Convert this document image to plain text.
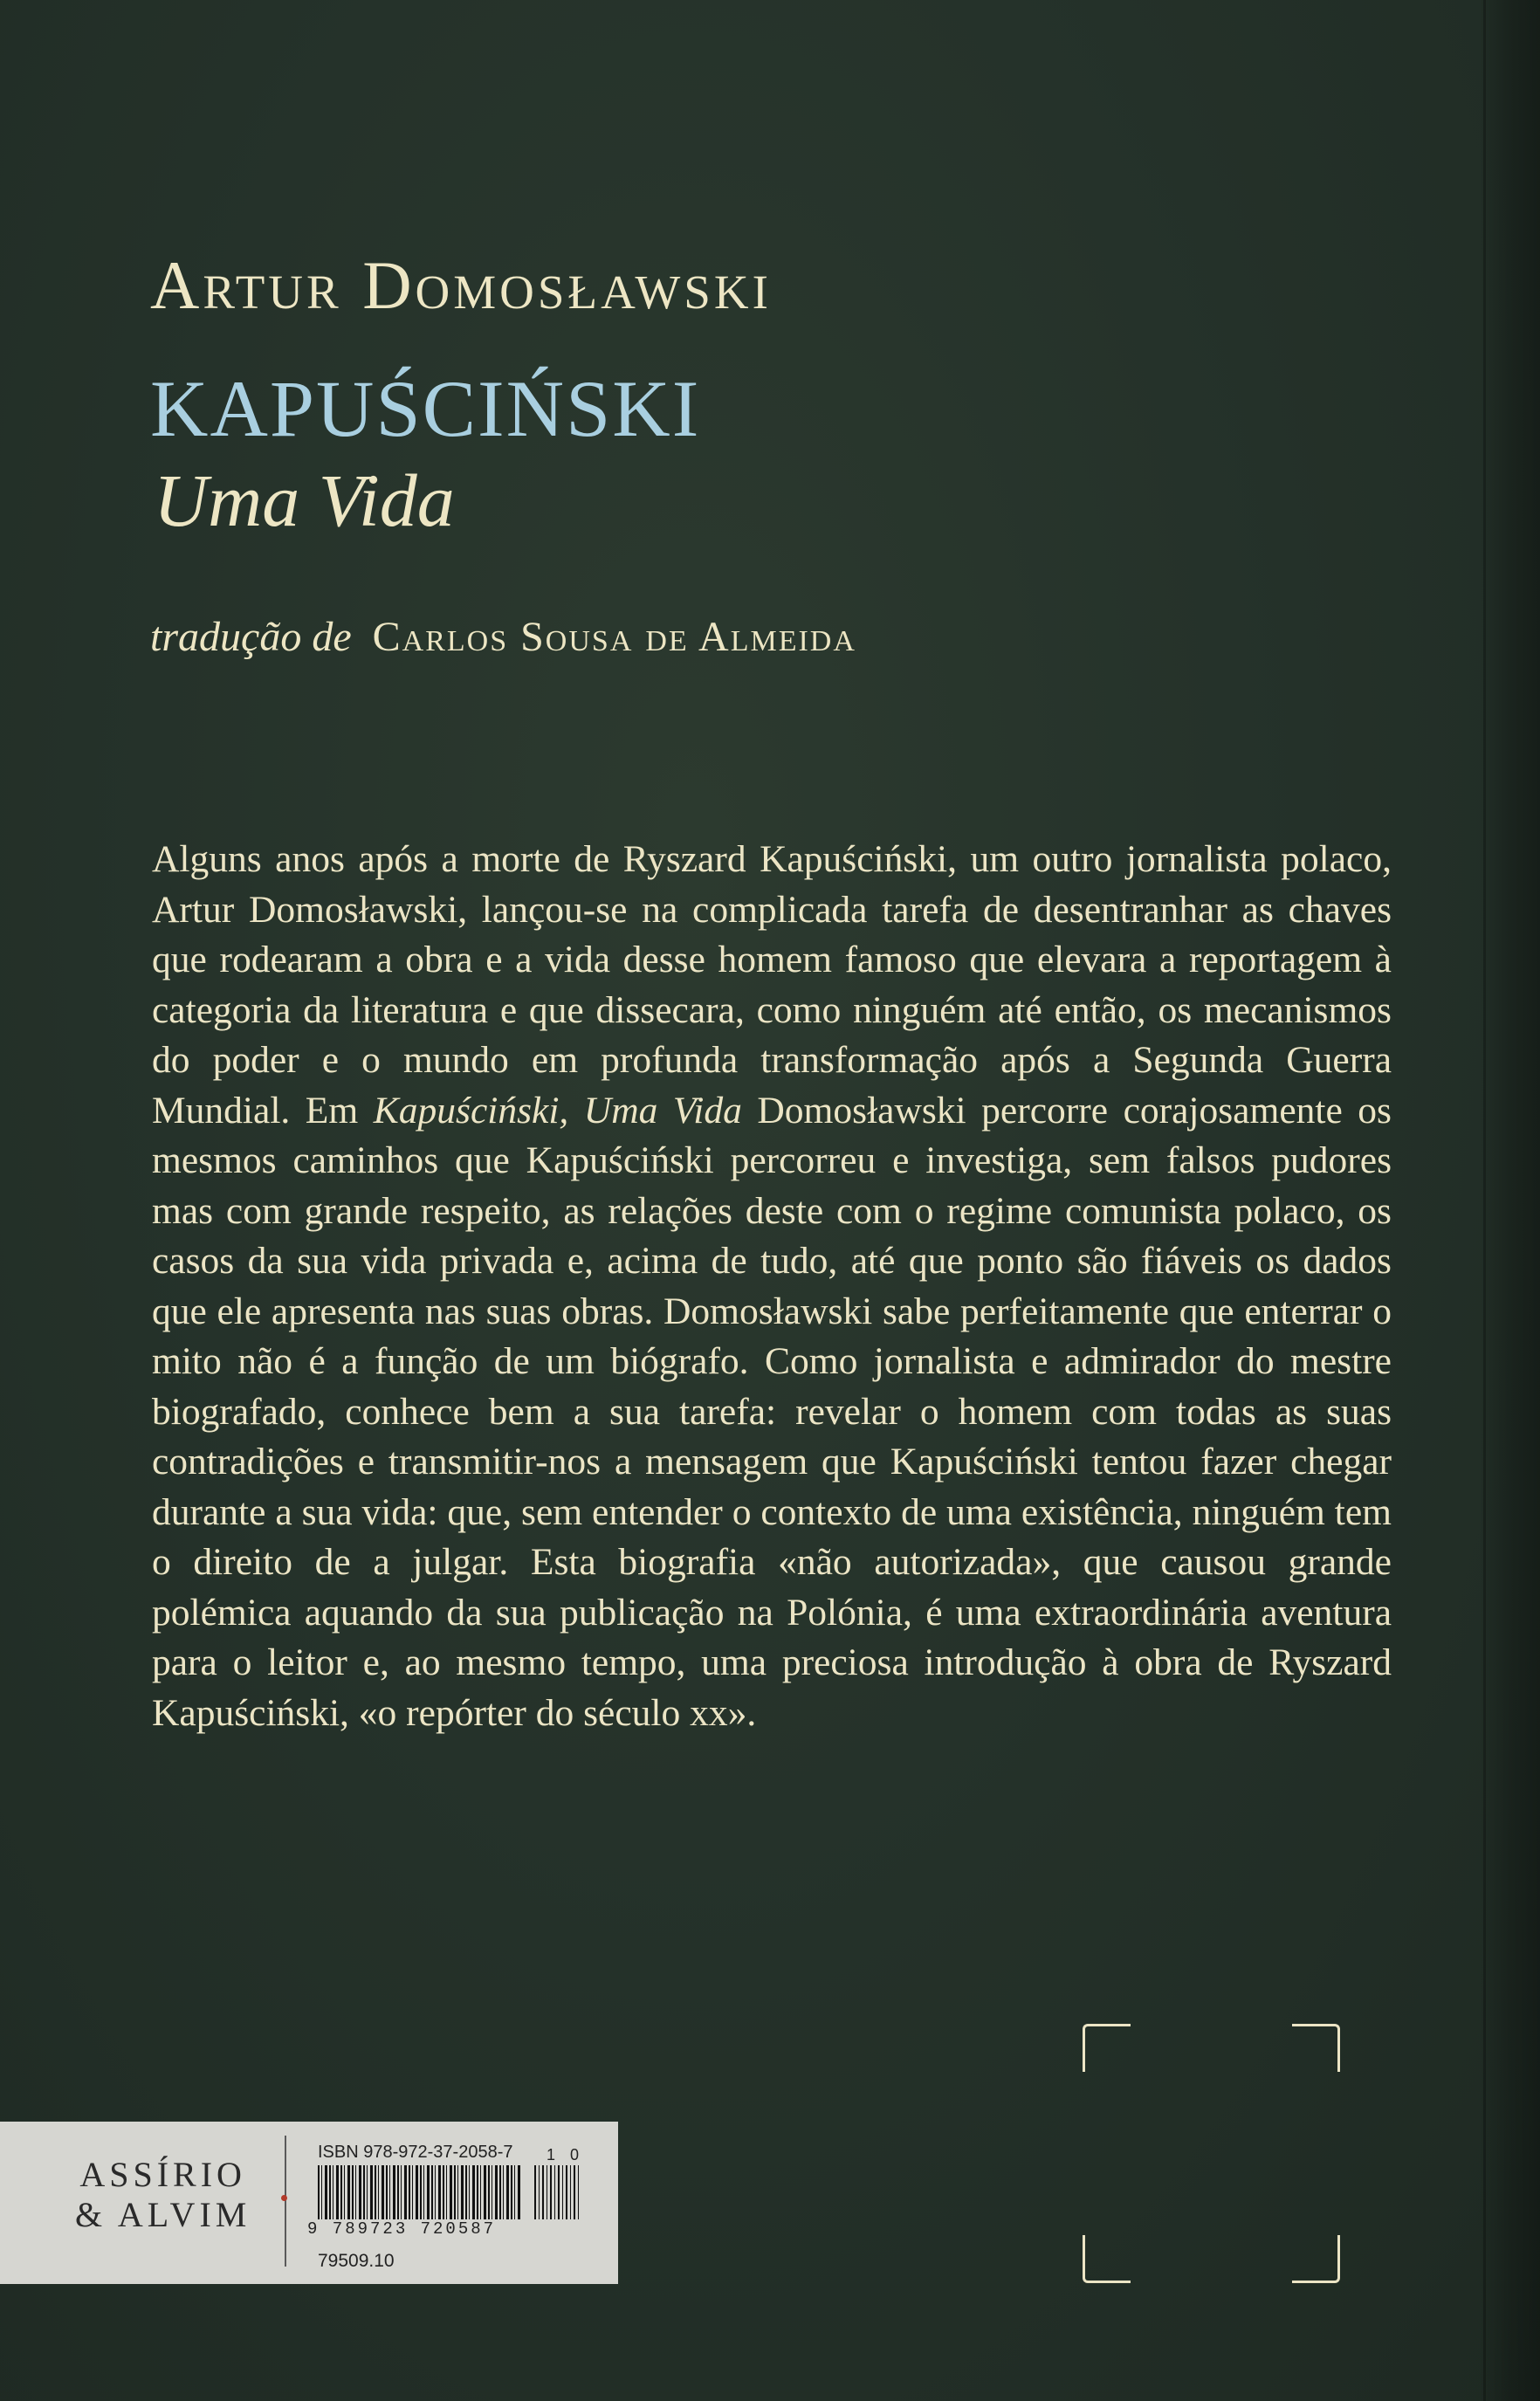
Artur Domosławski
KAPUŚCIŃSKI
Uma Vida
tradução de Carlos Sousa de Almeida

Alguns anos após a morte de Ryszard Kapuściński, um outro jornalista polaco, Artur Domosławski, lançou-se na complicada tarefa de desentranhar as chaves que rodearam a obra e a vida desse homem famoso que elevara a reportagem à categoria da literatura e que dissecara, como ninguém até então, os mecanismos do poder e o mundo em profunda transformação após a Segunda Guerra Mundial. Em Kapuściński, Uma Vida Domosławski percorre corajosamente os mesmos caminhos que Kapuściński percorreu e investiga, sem falsos pudores mas com grande respeito, as relações deste com o regime comunista polaco, os casos da sua vida privada e, acima de tudo, até que ponto são fiáveis os dados que ele apresenta nas suas obras. Domosławski sabe perfeitamente que enterrar o mito não é a função de um biógrafo. Como jornalista e admirador do mestre biografado, conhece bem a sua tarefa: revelar o homem com todas as suas contradições e transmitir-nos a mensagem que Kapuściński tentou fazer chegar durante a sua vida: que, sem entender o contexto de uma existência, ninguém tem o direito de a julgar. Esta biografia «não autorizada», que causou grande polémica aquando da sua publicação na Polónia, é uma extraordinária aventura para o leitor e, ao mesmo tempo, uma preciosa introdução à obra de Ryszard Kapuściński, «o repórter do século xx».

ASSÍRIO
& ALVIM
ISBN 978-972-37-2058-7 1 0
9 789723 720587
79509.10
